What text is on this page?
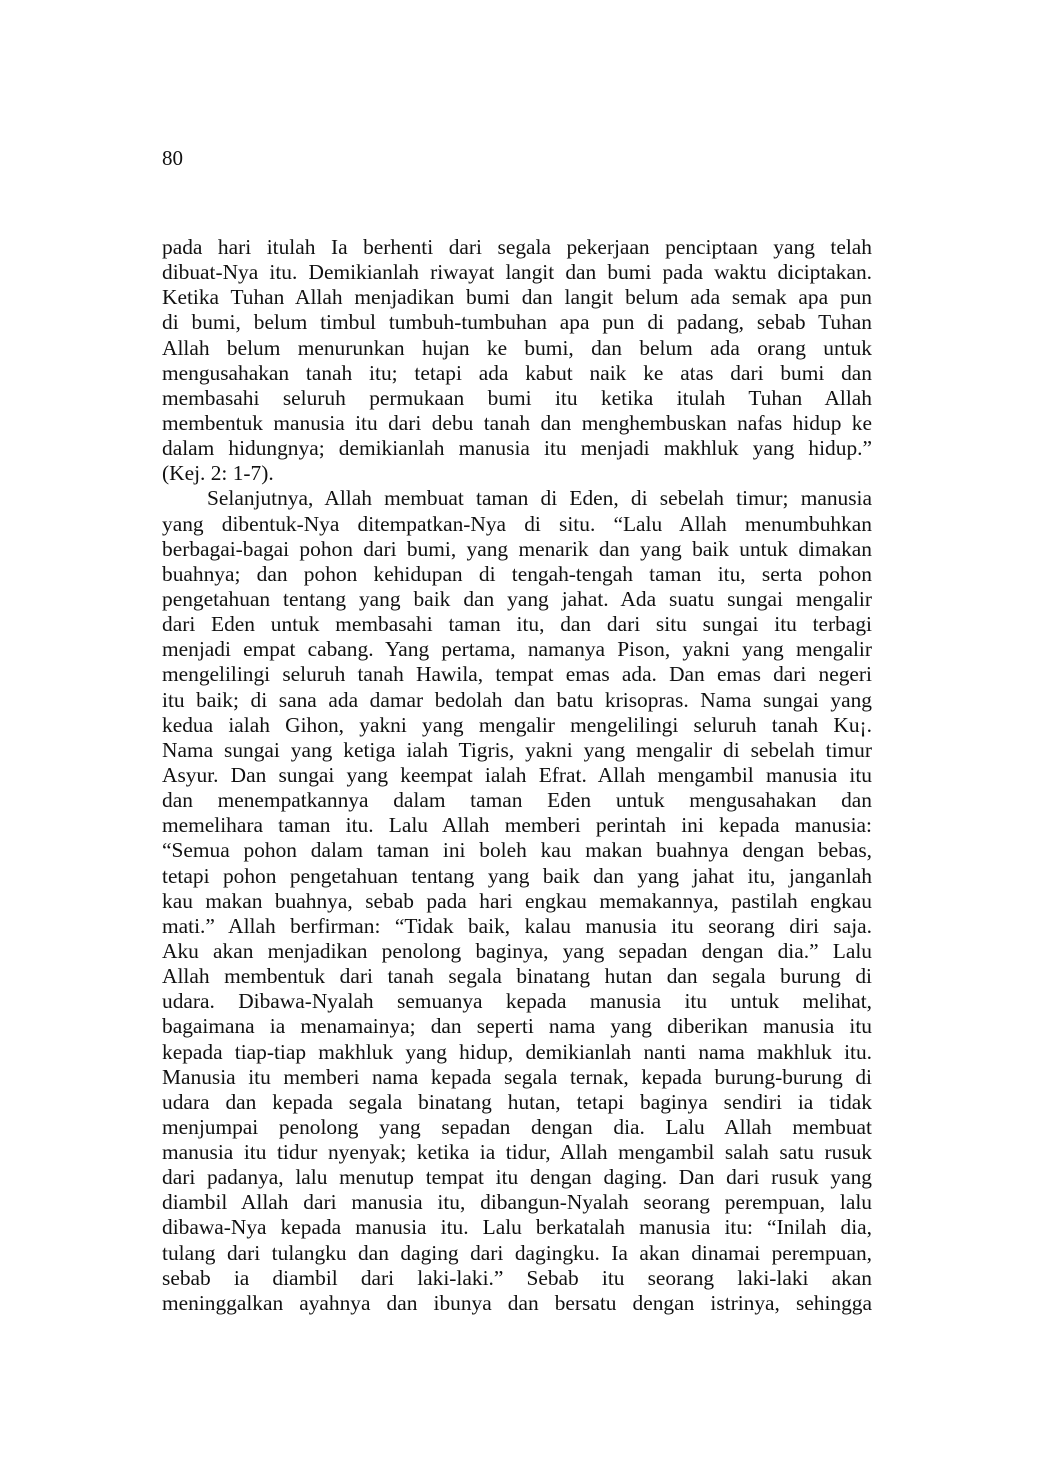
80
pada hari itulah Ia berhenti dari segala pekerjaan penciptaan yang telah
dibuat-Nya itu. Demikianlah riwayat langit dan bumi pada waktu diciptakan.
Ketika Tuhan Allah menjadikan bumi dan langit belum ada semak apa pun
di bumi, belum timbul tumbuh-tumbuhan apa pun di padang, sebab Tuhan
Allah belum menurunkan hujan ke bumi, dan belum ada orang untuk
mengusahakan tanah itu; tetapi ada kabut naik ke atas dari bumi dan
membasahi seluruh permukaan bumi itu ketika itulah Tuhan Allah
membentuk manusia itu dari debu tanah dan menghembuskan nafas hidup ke
dalam hidungnya; demikianlah manusia itu menjadi makhluk yang hidup.”
(Kej. 2: 1-7).
Selanjutnya, Allah membuat taman di Eden, di sebelah timur; manusia
yang dibentuk-Nya ditempatkan-Nya di situ. “Lalu Allah menumbuhkan
berbagai-bagai pohon dari bumi, yang menarik dan yang baik untuk dimakan
buahnya; dan pohon kehidupan di tengah-tengah taman itu, serta pohon
pengetahuan tentang yang baik dan yang jahat. Ada suatu sungai mengalir
dari Eden untuk membasahi taman itu, dan dari situ sungai itu terbagi
menjadi empat cabang. Yang pertama, namanya Pison, yakni yang mengalir
mengelilingi seluruh tanah Hawila, tempat emas ada. Dan emas dari negeri
itu baik; di sana ada damar bedolah dan batu krisopras. Nama sungai yang
kedua ialah Gihon, yakni yang mengalir mengelilingi seluruh tanah Ku¡.
Nama sungai yang ketiga ialah Tigris, yakni yang mengalir di sebelah timur
Asyur. Dan sungai yang keempat ialah Efrat. Allah mengambil manusia itu
dan menempatkannya dalam taman Eden untuk mengusahakan dan
memelihara taman itu. Lalu Allah memberi perintah ini kepada manusia:
“Semua pohon dalam taman ini boleh kau makan buahnya dengan bebas,
tetapi pohon pengetahuan tentang yang baik dan yang jahat itu, janganlah
kau makan buahnya, sebab pada hari engkau memakannya, pastilah engkau
mati.” Allah berfirman: “Tidak baik, kalau manusia itu seorang diri saja.
Aku akan menjadikan penolong baginya, yang sepadan dengan dia.” Lalu
Allah membentuk dari tanah segala binatang hutan dan segala burung di
udara. Dibawa-Nyalah semuanya kepada manusia itu untuk melihat,
bagaimana ia menamainya; dan seperti nama yang diberikan manusia itu
kepada tiap-tiap makhluk yang hidup, demikianlah nanti nama makhluk itu.
Manusia itu memberi nama kepada segala ternak, kepada burung-burung di
udara dan kepada segala binatang hutan, tetapi baginya sendiri ia tidak
menjumpai penolong yang sepadan dengan dia. Lalu Allah membuat
manusia itu tidur nyenyak; ketika ia tidur, Allah mengambil salah satu rusuk
dari padanya, lalu menutup tempat itu dengan daging. Dan dari rusuk yang
diambil Allah dari manusia itu, dibangun-Nyalah seorang perempuan, lalu
dibawa-Nya kepada manusia itu. Lalu berkatalah manusia itu: “Inilah dia,
tulang dari tulangku dan daging dari dagingku. Ia akan dinamai perempuan,
sebab ia diambil dari laki-laki.” Sebab itu seorang laki-laki akan
meninggalkan ayahnya dan ibunya dan bersatu dengan istrinya, sehingga
